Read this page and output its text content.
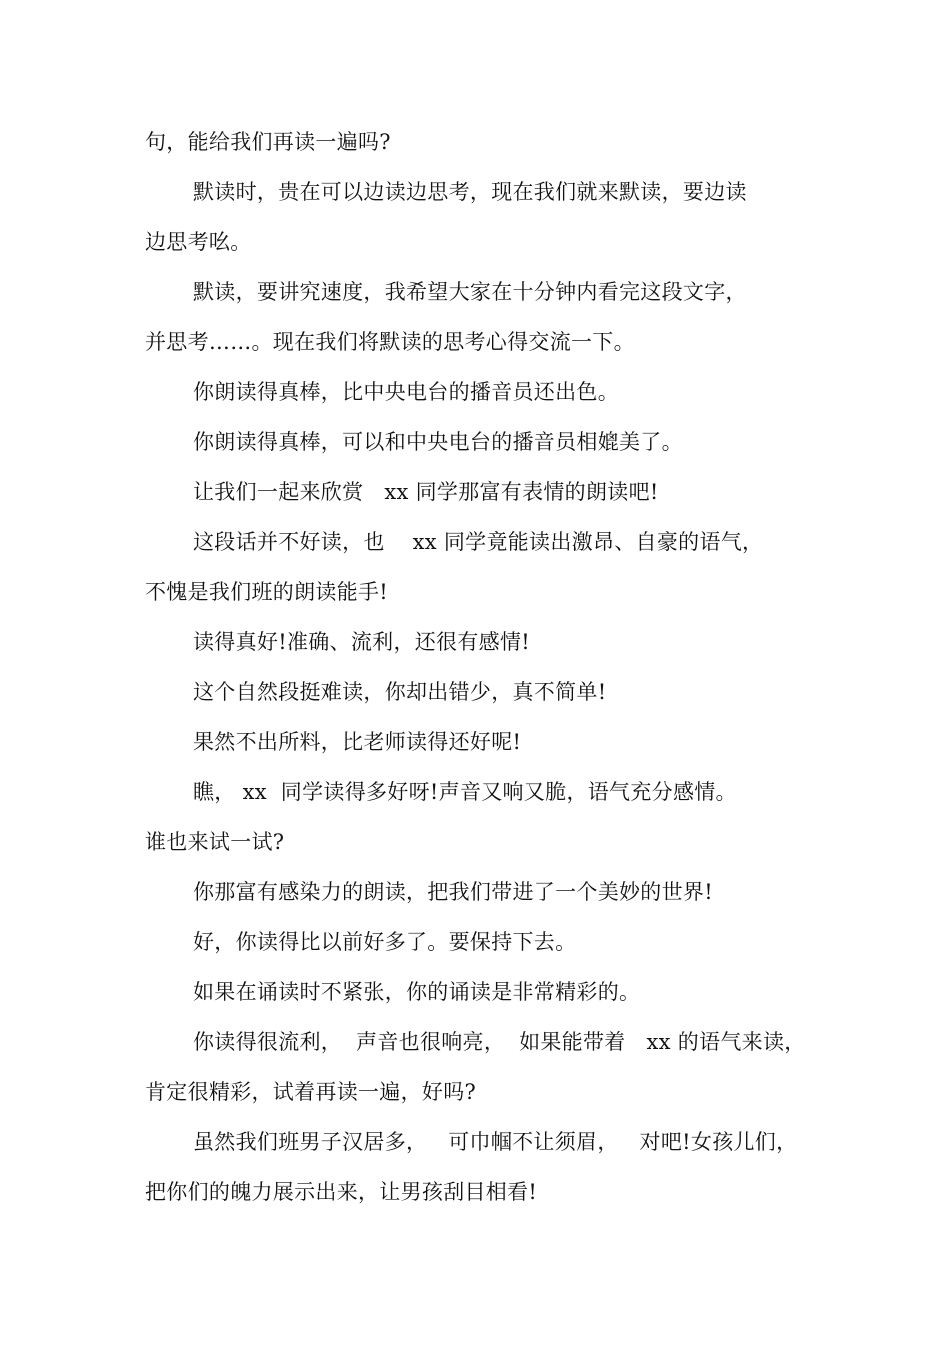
句，能给我们再读一遍吗?
默读时，贵在可以边读边思考，现在我们就来默读，要边读
边思考吆。
默读，要讲究速度，我希望大家在十分钟内看完这段文字，
并思考……。现在我们将默读的思考心得交流一下。
你朗读得真棒，比中央电台的播音员还出色。
你朗读得真棒，可以和中央电台的播音员相媲美了。
让我们一起来欣赏   xx 同学那富有表情的朗读吧!
这段话并不好读，也    xx 同学竟能读出激昂、自豪的语气，
不愧是我们班的朗读能手!
读得真好!准确、流利，还很有感情!
这个自然段挺难读，你却出错少，真不简单!
果然不出所料，比老师读得还好呢!
瞧， xx  同学读得多好呀!声音又响又脆，语气充分感情。
谁也来试一试?
你那富有感染力的朗读，把我们带进了一个美妙的世界!
好，你读得比以前好多了。要保持下去。
如果在诵读时不紧张，你的诵读是非常精彩的。
你读得很流利，  声音也很响亮，  如果能带着   xx 的语气来读，
肯定很精彩，试着再读一遍，好吗?
虽然我们班男子汉居多，   可巾帼不让须眉，   对吧!女孩儿们，
把你们的魄力展示出来，让男孩刮目相看!
